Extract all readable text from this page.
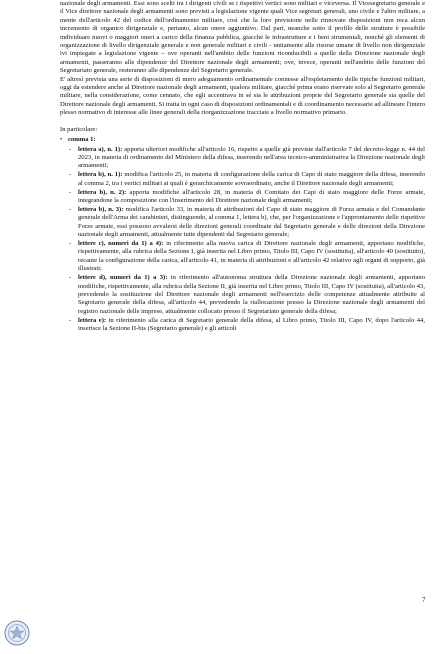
nazionale degli armamenti. Essi sono scelti tra i dirigenti civili se i rispettivi vertici sono militari e viceversa. Il Vicesegretario generale e il Vice direttore nazionale degli armamenti sono previsti a legislazione vigente quali Vice segretari generali, uno civile e l'altro militare, a mente dell'articolo 42 del codice dell'ordinamento militare, così che la loro previsione nelle rinnovate disposizioni non reca alcun incremento di organico dirigenziale e, pertanto, alcun onere aggiuntivo. Dal pari, neanche sotto il profilo delle strutture è possibile individuare nuovi o maggiori oneri a carico della finanza pubblica, giacché le infrastrutture e i beni strumentali, nonché gli elementi di organizzazione di livello dirigenziale generale e non generale militari e civili - unitamente alle risorse umane di livello non dirigenziale ivi impiegate a legislazione vigente – ove operanti nell'ambito delle funzioni riconducibili a quelle della Direzione nazionale degli armamenti, passeranno alle dipendenze del Direttore nazionale degli armamenti; ove, invece, operanti nell'ambito delle funzioni del Segretariato generale, resteranno alle dipendenze del Segretario generale.

E' altresì prevista una serie di disposizioni di mero adeguamento ordinamentale connesse all'espletamento delle tipiche funzioni militari, oggi da estendere anche al Direttore nazionale degli armamenti, qualora militare, giacché prima erano riservate solo al Segretario generale militare, nella considerazione, come cennato, che egli accentrava in sé sia le attribuzioni proprie del Segretario generale sia quelle del Direttore nazionale degli armamenti. Si tratta in ogni caso di disposizioni ordinamentali e di coordinamento necessarie ad allineare l'intero plesso normativo di interesse alle linee generali della riorganizzazione tracciate a livello normativo primario.

In particolare:

• comma 1:
- lettera a), n. 1): apporta ulteriori modifiche all'articolo 16, rispetto a quelle già previste dall'articolo 7 del decreto-legge n. 44 del 2023, in materia di ordinamento del Ministero della difesa, inserendo nell'area tecnico-amministrativa la Direzione nazionale degli armamenti;
- lettera b), n. 1): modifica l'articolo 25, in materia di configurazione della carica di Capo di stato maggiore della difesa, inserendo al comma 2, tra i vertici militari ai quali è gerarchicamente sovraordinato, anche il Direttore nazionale degli armamenti;
- lettera b), n. 2): apporta modifiche all'articolo 28, in materia di Comitato dei Capi di stato maggiore delle Forze armate, integrandone la composizione con l'inserimento del Direttore nazionale degli armamenti;
- lettera b), n. 3): modifica l'articolo 33, in materia di attribuzioni del Capo di stato maggiore di Forza armata e del Comandante generale dell'Arma dei carabinieri, distinguendo, al comma 1, lettera b), che, per l'organizzazione e l'approntamento delle rispettive Forze armate, essi possono avvalersi delle direzioni generali coordinate dal Segretario generale e delle direzioni della Direzione nazionale degli armamenti, attualmente tutte dipendenti dal Segretario generale;
- lettere c), numeri da 1) a 4): in riferimento alla nuova carica di Direttore nazionale degli armamenti, apportano modifiche, rispettivamente, alla rubrica della Sezione I, già inserita nel Libro primo, Titolo III, Capo IV (sostituita), all'articolo 40 (sostituito), recante la configurazione della carica, all'articolo 41, in materia di attribuzioni e all'articolo 42 relativo agli organi di supporto, già illustrati;
- lettere d), numeri da 1) a 3): in riferimento all'autonoma struttura della Direzione nazionale degli armamenti, apportano modifiche, rispettivamente, alla rubrica della Sezione II, già inserita nel Libro primo, Titolo III, Capo IV (sostituita), all'articolo 43, prevedendo la sostituzione del Direttore nazionale degli armamenti nell'esercizio delle competenze attualmente attribuite al Segretario generale della difesa, all'articolo 44, prevedendo la riallocazione presso la Direzione nazionale degli armamenti del registro nazionale delle imprese, attualmente collocato presso il Segretariato generale della difesa;
- lettera e): in riferimento alla carica di Segretario generale della difesa, al Libro primo, Titolo III, Capo IV, dopo l'articolo 44, inserisce la Sezione II-bis (Segretario generale) e gli articoli
7
